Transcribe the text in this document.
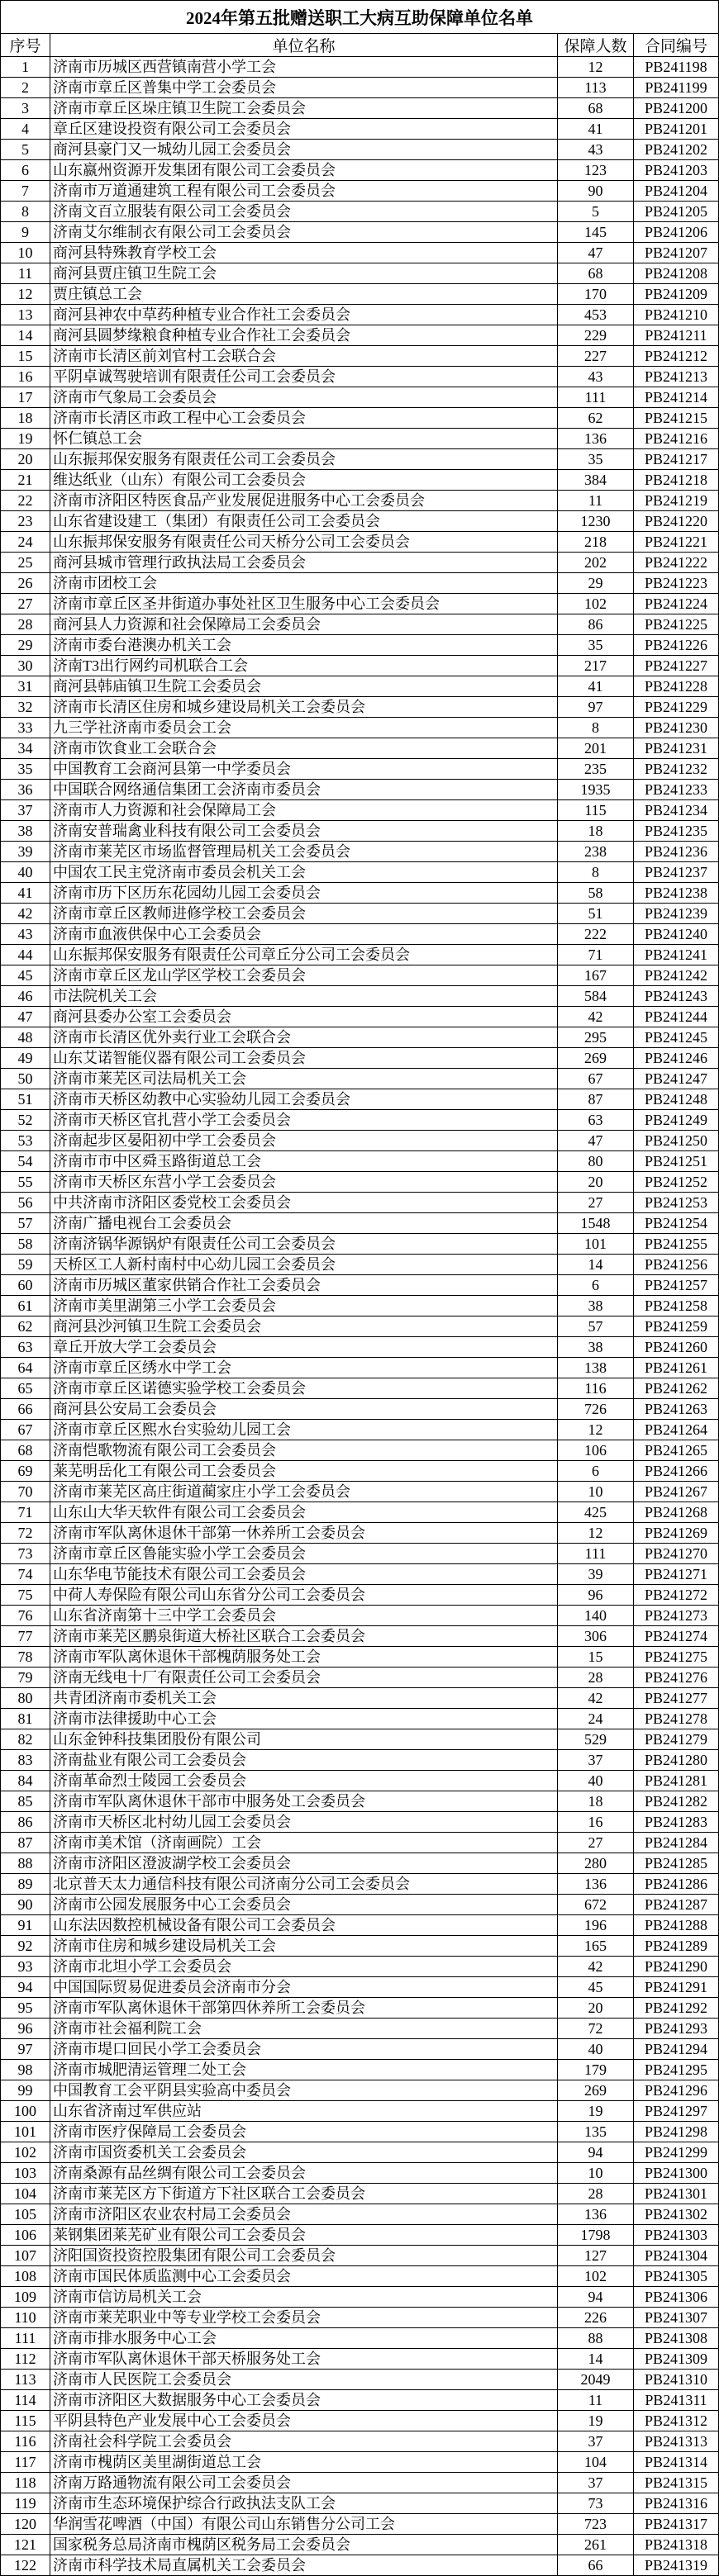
2024年第五批赠送职工大病互助保障单位名单			
序号	单位名称	保障人数	合同编号
1	济南市历城区西营镇南营小学工会	12	PB241198
2	济南市章丘区普集中学工会委员会	113	PB241199
3	济南市章丘区垛庄镇卫生院工会委员会	68	PB241200
4	章丘区建设投资有限公司工会委员会	41	PB241201
5	商河县豪门又一城幼儿园工会委员会	43	PB241202
6	山东嬴州资源开发集团有限公司工会委员会	123	PB241203
7	济南市万道通建筑工程有限公司工会委员会	90	PB241204
8	济南文百立服装有限公司工会委员会	5	PB241205
9	济南艾尔维制衣有限公司工会委员会	145	PB241206
10	商河县特殊教育学校工会	47	PB241207
11	商河县贾庄镇卫生院工会	68	PB241208
12	贾庄镇总工会	170	PB241209
13	商河县神农中草药种植专业合作社工会委员会	453	PB241210
14	商河县圆梦缘粮食种植专业合作社工会委员会	229	PB241211
15	济南市长清区前刘官村工会联合会	227	PB241212
16	平阴卓诚驾驶培训有限责任公司工会委员会	43	PB241213
17	济南市气象局工会委员会	111	PB241214
18	济南市长清区市政工程中心工会委员会	62	PB241215
19	怀仁镇总工会	136	PB241216
20	山东振邦保安服务有限责任公司工会委员会	35	PB241217
21	维达纸业（山东）有限公司工会委员会	384	PB241218
22	济南市济阳区特医食品产业发展促进服务中心工会委员会	11	PB241219
23	山东省建设建工（集团）有限责任公司工会委员会	1230	PB241220
24	山东振邦保安服务有限责任公司天桥分公司工会委员会	218	PB241221
25	商河县城市管理行政执法局工会委员会	202	PB241222
26	济南市团校工会	29	PB241223
27	济南市章丘区圣井街道办事处社区卫生服务中心工会委员会	102	PB241224
28	商河县人力资源和社会保障局工会委员会	86	PB241225
29	济南市委台港澳办机关工会	35	PB241226
30	济南T3出行网约司机联合工会	217	PB241227
31	商河县韩庙镇卫生院工会委员会	41	PB241228
32	济南市长清区住房和城乡建设局机关工会委员会	97	PB241229
33	九三学社济南市委员会工会	8	PB241230
34	济南市饮食业工会联合会	201	PB241231
35	中国教育工会商河县第一中学委员会	235	PB241232
36	中国联合网络通信集团工会济南市委员会	1935	PB241233
37	济南市人力资源和社会保障局工会	115	PB241234
38	济南安普瑞禽业科技有限公司工会委员会	18	PB241235
39	济南市莱芜区市场监督管理局机关工会委员会	238	PB241236
40	中国农工民主党济南市委员会机关工会	8	PB241237
41	济南市历下区历东花园幼儿园工会委员会	58	PB241238
42	济南市章丘区教师进修学校工会委员会	51	PB241239
43	济南市血液供保中心工会委员会	222	PB241240
44	山东振邦保安服务有限责任公司章丘分公司工会委员会	71	PB241241
45	济南市章丘区龙山学区学校工会委员会	167	PB241242
46	市法院机关工会	584	PB241243
47	商河县委办公室工会委员会	42	PB241244
48	济南市长清区优外卖行业工会联合会	295	PB241245
49	山东艾诺智能仪器有限公司工会委员会	269	PB241246
50	济南市莱芜区司法局机关工会	67	PB241247
51	济南市天桥区幼教中心实验幼儿园工会委员会	87	PB241248
52	济南市天桥区官扎营小学工会委员会	63	PB241249
53	济南起步区晏阳初中学工会委员会	47	PB241250
54	济南市市中区舜玉路街道总工会	80	PB241251
55	济南市天桥区东营小学工会委员会	20	PB241252
56	中共济南市济阳区委党校工会委员会	27	PB241253
57	济南广播电视台工会委员会	1548	PB241254
58	济南济锅华源锅炉有限责任公司工会委员会	101	PB241255
59	天桥区工人新村南村中心幼儿园工会委员会	14	PB241256
60	济南市历城区董家供销合作社工会委员会	6	PB241257
61	济南市美里湖第三小学工会委员会	38	PB241258
62	商河县沙河镇卫生院工会委员会	57	PB241259
63	章丘开放大学工会委员会	38	PB241260
64	济南市章丘区绣水中学工会	138	PB241261
65	济南市章丘区诺德实验学校工会委员会	116	PB241262
66	商河县公安局工会委员会	726	PB241263
67	济南市章丘区熙水台实验幼儿园工会	12	PB241264
68	济南恺歌物流有限公司工会委员会	106	PB241265
69	莱芜明岳化工有限公司工会委员会	6	PB241266
70	济南市莱芜区高庄街道蔺家庄小学工会委员会	10	PB241267
71	山东山大华天软件有限公司工会委员会	425	PB241268
72	济南市军队离休退休干部第一休养所工会委员会	12	PB241269
73	济南市章丘区鲁能实验小学工会委员会	111	PB241270
74	山东华电节能技术有限公司工会委员会	39	PB241271
75	中荷人寿保险有限公司山东省分公司工会委员会	96	PB241272
76	山东省济南第十三中学工会委员会	140	PB241273
77	济南市莱芜区鹏泉街道大桥社区联合工会委员会	306	PB241274
78	济南市军队离休退休干部槐荫服务处工会	15	PB241275
79	济南无线电十厂有限责任公司工会委员会	28	PB241276
80	共青团济南市委机关工会	42	PB241277
81	济南市法律援助中心工会	24	PB241278
82	山东金钟科技集团股份有限公司	529	PB241279
83	济南盐业有限公司工会委员会	37	PB241280
84	济南革命烈士陵园工会委员会	40	PB241281
85	济南市军队离休退休干部市中服务处工会委员会	18	PB241282
86	济南市天桥区北村幼儿园工会委员会	16	PB241283
87	济南市美术馆（济南画院）工会	27	PB241284
88	济南市济阳区澄波湖学校工会委员会	280	PB241285
89	北京普天太力通信科技有限公司济南分公司工会委员会	136	PB241286
90	济南市公园发展服务中心工会委员会	672	PB241287
91	山东法因数控机械设备有限公司工会委员会	196	PB241288
92	济南市住房和城乡建设局机关工会	165	PB241289
93	济南市北坦小学工会委员会	42	PB241290
94	中国国际贸易促进委员会济南市分会	45	PB241291
95	济南市军队离休退休干部第四休养所工会委员会	20	PB241292
96	济南市社会福利院工会	72	PB241293
97	济南市堤口回民小学工会委员会	40	PB241294
98	济南市城肥清运管理二处工会	179	PB241295
99	中国教育工会平阴县实验高中委员会	269	PB241296
100	山东省济南过军供应站	19	PB241297
101	济南市医疗保障局工会委员会	135	PB241298
102	济南市国资委机关工会委员会	94	PB241299
103	济南桑源有品丝绸有限公司工会委员会	10	PB241300
104	济南市莱芜区方下街道方下社区联合工会委员会	28	PB241301
105	济南市济阳区农业农村局工会委员会	136	PB241302
106	莱钢集团莱芜矿业有限公司工会委员会	1798	PB241303
107	济阳国资投资控股集团有限公司工会委员会	127	PB241304
108	济南市国民体质监测中心工会委员会	102	PB241305
109	济南市信访局机关工会	94	PB241306
110	济南市莱芜职业中等专业学校工会委员会	226	PB241307
111	济南市排水服务中心工会	88	PB241308
112	济南市军队离休退休干部天桥服务处工会	14	PB241309
113	济南市人民医院工会委员会	2049	PB241310
114	济南市济阳区大数据服务中心工会委员会	11	PB241311
115	平阴县特色产业发展中心工会委员会	19	PB241312
116	济南社会科学院工会委员会	37	PB241313
117	济南市槐荫区美里湖街道总工会	104	PB241314
118	济南万路通物流有限公司工会委员会	37	PB241315
119	济南市生态环境保护综合行政执法支队工会	73	PB241316
120	华润雪花啤酒（中国）有限公司山东销售分公司工会	723	PB241317
121	国家税务总局济南市槐荫区税务局工会委员会	261	PB241318
122	济南市科学技术局直属机关工会委员会	66	PB241319
